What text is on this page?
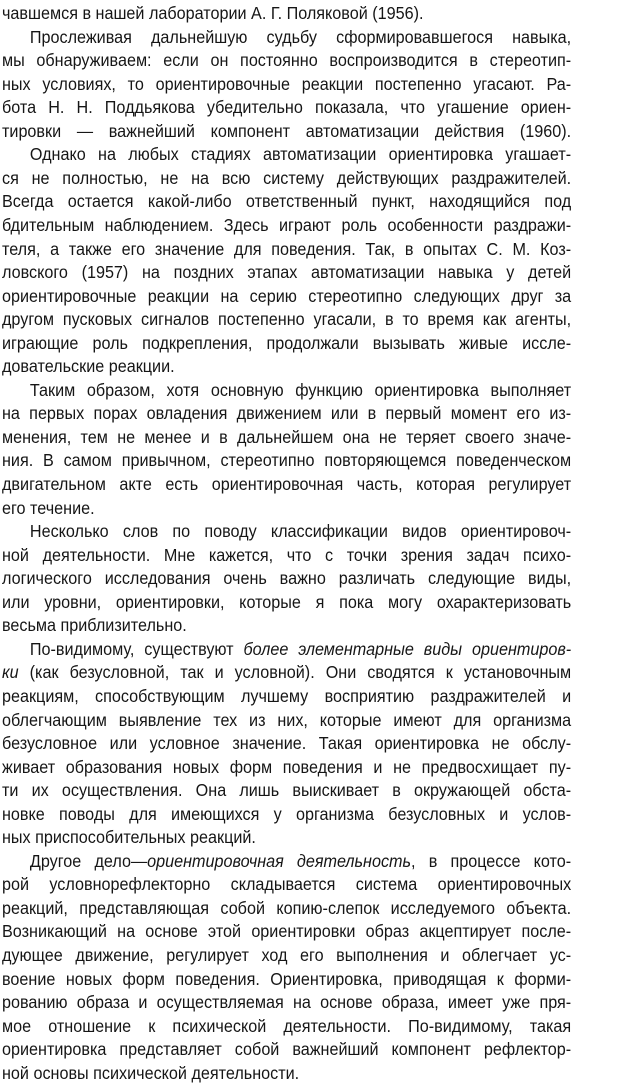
чавшемся в нашей лаборатории А. Г. Поляковой (1956).
Прослеживая дальнейшую судьбу сформировавшегося навыка,
мы обнаруживаем: если он постоянно воспроизводится в стереотип-
ных условиях, то ориентировочные реакции постепенно угасают. Ра-
бота Н. Н. Поддьякова убедительно показала, что угашение ориен-
тировки — важнейший компонент автоматизации действия (1960).
Однако на любых стадиях автоматизации ориентировка угашает-
ся не полностью, не на всю систему действующих раздражителей.
Всегда остается какой-либо ответственный пункт, находящийся под
бдительным наблюдением. Здесь играют роль особенности раздражи-
теля, а также его значение для поведения. Так, в опытах С. М. Коз-
ловского (1957) на поздних этапах автоматизации навыка у детей
ориентировочные реакции на серию стереотипно следующих друг за
другом пусковых сигналов постепенно угасали, в то время как агенты,
играющие роль подкрепления, продолжали вызывать живые иссле-
довательские реакции.
Таким образом, хотя основную функцию ориентировка выполняет
на первых порах овладения движением или в первый момент его из-
менения, тем не менее и в дальнейшем она не теряет своего значе-
ния. В самом привычном, стереотипно повторяющемся поведенческом
двигательном акте есть ориентировочная часть, которая регулирует
его течение.
Несколько слов по поводу классификации видов ориентировоч-
ной деятельности. Мне кажется, что с точки зрения задач психо-
логического исследования очень важно различать следующие виды,
или уровни, ориентировки, которые я пока могу охарактеризовать
весьма приблизительно.
По-видимому, существуют более элементарные виды ориентиров-
ки (как безусловной, так и условной). Они сводятся к установочным
реакциям, способствующим лучшему восприятию раздражителей и
облегчающим выявление тех из них, которые имеют для организма
безусловное или условное значение. Такая ориентировка не обслу-
живает образования новых форм поведения и не предвосхищает пу-
ти их осуществления. Она лишь выискивает в окружающей обста-
новке поводы для имеющихся у организма безусловных и услов-
ных приспособительных реакций.
Другое дело—ориентировочная деятельность, в процессе кото-
рой условнорефлекторно складывается система ориентировочных
реакций, представляющая собой копию-слепок исследуемого объекта.
Возникающий на основе этой ориентировки образ акцептирует после-
дующее движение, регулирует ход его выполнения и облегчает ус-
воение новых форм поведения. Ориентировка, приводящая к форми-
рованию образа и осуществляемая на основе образа, имеет уже пря-
мое отношение к психической деятельности. По-видимому, такая
ориентировка представляет собой важнейший компонент рефлектор-
ной основы психической деятельности.
